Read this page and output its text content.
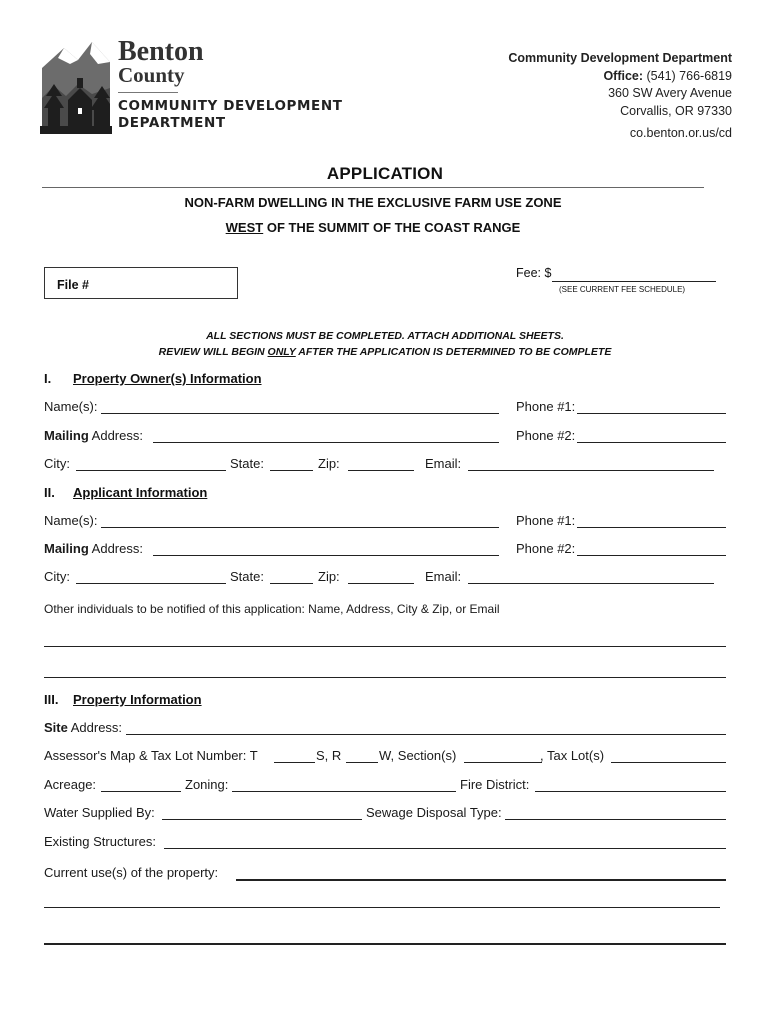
Benton
County
COMMUNITY DEVELOPMENT
DEPARTMENT
Community Development Department
Office: (541) 766-6819
360 SW Avery Avenue
Corvallis, OR 97330
co.benton.or.us/cd
APPLICATION
NON-FARM DWELLING IN THE EXCLUSIVE FARM USE ZONE
WEST OF THE SUMMIT OF THE COAST RANGE
File #
Fee: $
(SEE CURRENT FEE SCHEDULE)
ALL SECTIONS MUST BE COMPLETED. ATTACH ADDITIONAL SHEETS.
REVIEW WILL BEGIN ONLY AFTER THE APPLICATION IS DETERMINED TO BE COMPLETE
I. Property Owner(s) Information
Name(s):	Phone #1:
Mailing Address:	Phone #2:
City:	State:	Zip:	Email:
II. Applicant Information
Name(s):	Phone #1:
Mailing Address:	Phone #2:
City:	State:	Zip:	Email:
Other individuals to be notified of this application: Name, Address, City & Zip, or Email
III. Property Information
Site Address:
Assessor's Map & Tax Lot Number: T	S, R	W, Section(s)	, Tax Lot(s)
Acreage:	Zoning:	Fire District:
Water Supplied By:	Sewage Disposal Type:
Existing Structures:
Current use(s) of the property:
